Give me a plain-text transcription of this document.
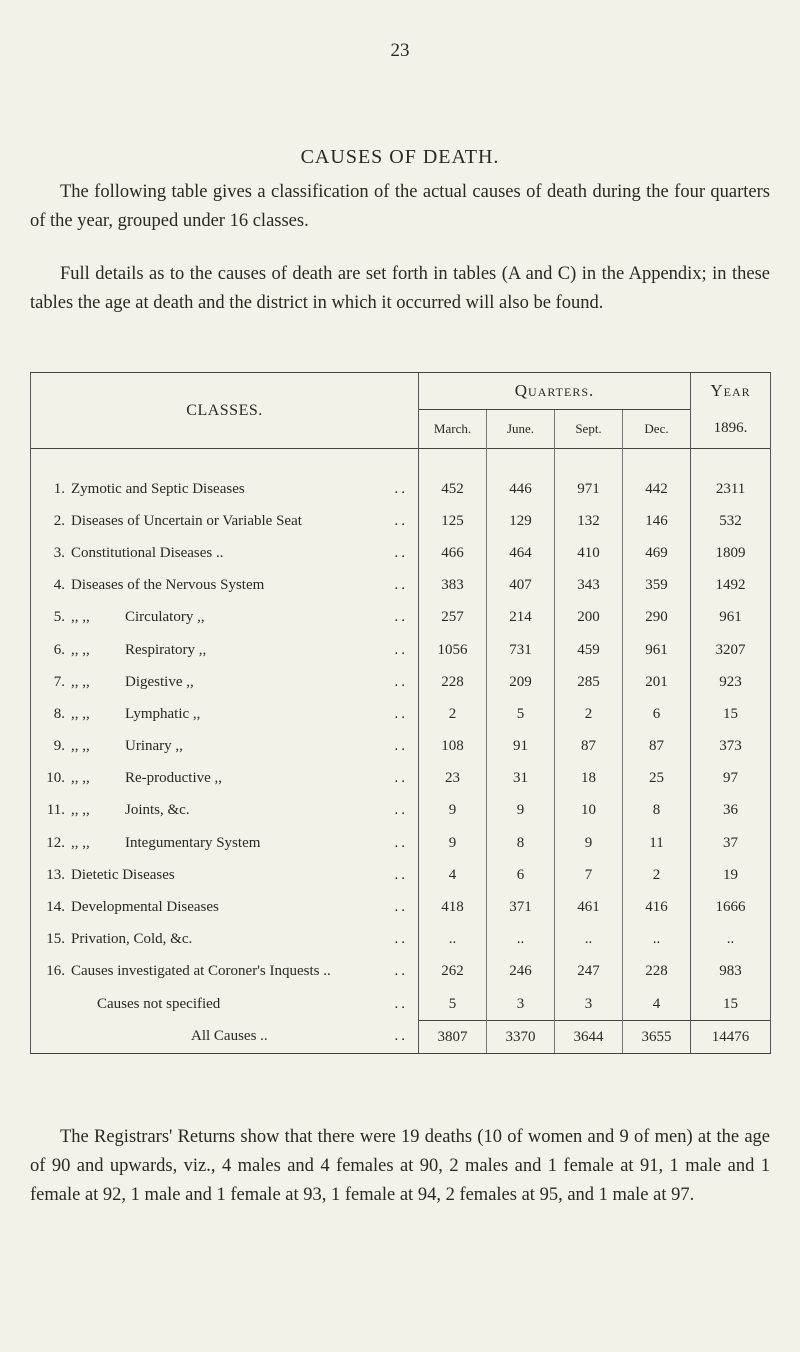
23
CAUSES OF DEATH.

The following table gives a classification of the actual causes of death during the four quarters of the year, grouped under 16 classes.

Full details as to the causes of death are set forth in tables (A and C) in the Appendix; in these tables the age at death and the district in which it occurred will also be found.

CLASSES.	Quarters.				Year
	March.	June.	Sept.	Dec.	1896.

1. Zymotic and Septic Diseases ..	452	446	971	442	2311
2. Diseases of Uncertain or Variable Seat ..	125	129	132	146	532
3. Constitutional Diseases .. ..	466	464	410	469	1809
4. Diseases of the Nervous System ..	383	407	343	359	1492
5. ,, ,, Circulatory ,, ..	257	214	200	290	961
6. ,, ,, Respiratory ,, ..	1056	731	459	961	3207
7. ,, ,, Digestive ,, ..	228	209	285	201	923
8. ,, ,, Lymphatic ,, ..	2	5	2	6	15
9. ,, ,, Urinary ,, ..	108	91	87	87	373
10. ,, ,, Re-productive ,, ..	23	31	18	25	97
11. ,, ,, Joints, &c. ..	9	9	10	8	36
12. ,, ,, Integumentary System ..	9	8	9	11	37
13. Dietetic Diseases ..	4	6	7	2	19
14. Developmental Diseases ..	418	371	461	416	1666
15. Privation, Cold, &c. ..	..	..	..	..	..
16. Causes investigated at Coroner's Inquests .. ..	262	246	247	228	983
Causes not specified ..	5	3	3	4	15
All Causes .. ..	3807	3370	3644	3655	14476

The Registrars' Returns show that there were 19 deaths (10 of women and 9 of men) at the age of 90 and upwards, viz., 4 males and 4 females at 90, 2 males and 1 female at 91, 1 male and 1 female at 92, 1 male and 1 female at 93, 1 female at 94, 2 females at 95, and 1 male at 97.
